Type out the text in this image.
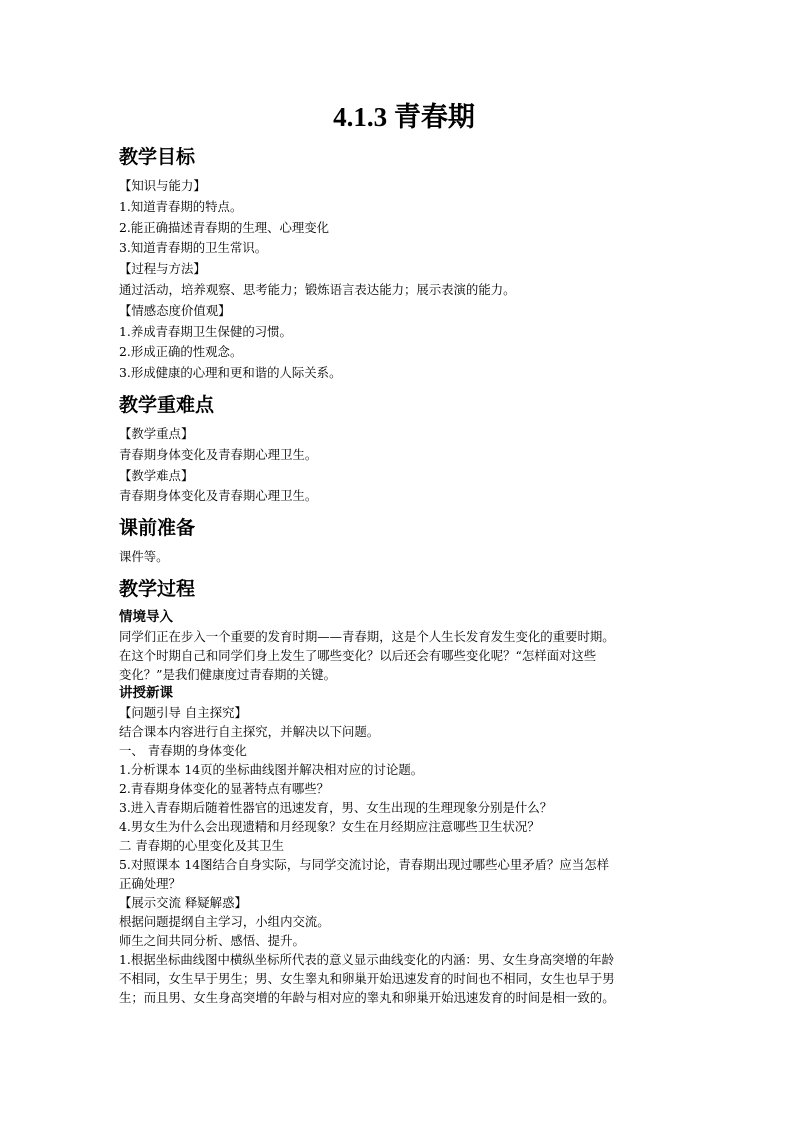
4.1.3 青春期
教学目标
【知识与能力】
1.知道青春期的特点。
2.能正确描述青春期的生理、心理变化
3.知道青春期的卫生常识。
【过程与方法】
通过活动，培养观察、思考能力；锻炼语言表达能力；展示表演的能力。
【情感态度价值观】
1.养成青春期卫生保健的习惯。
2.形成正确的性观念。
3.形成健康的心理和更和谐的人际关系。
教学重难点
【教学重点】
青春期身体变化及青春期心理卫生。
【教学难点】
青春期身体变化及青春期心理卫生。
课前准备
课件等。
教学过程
情境导入
同学们正在步入一个重要的发育时期——青春期，这是个人生长发育发生变化的重要时期。
在这个时期自己和同学们身上发生了哪些变化？以后还会有哪些变化呢？“怎样面对这些
变化？”是我们健康度过青春期的关键。
讲授新课
【问题引导 自主探究】
结合课本内容进行自主探究，并解决以下问题。
一、 青春期的身体变化
1.分析课本 14页的坐标曲线图并解决相对应的讨论题。
2.青春期身体变化的显著特点有哪些？
3.进入青春期后随着性器官的迅速发育，男、女生出现的生理现象分别是什么？
4.男女生为什么会出现遗精和月经现象？女生在月经期应注意哪些卫生状况？
二 青春期的心里变化及其卫生
5.对照课本 14图结合自身实际，与同学交流讨论，青春期出现过哪些心里矛盾？应当怎样
正确处理？
【展示交流 释疑解惑】
根据问题提纲自主学习，小组内交流。
师生之间共同分析、感悟、提升。
1.根据坐标曲线图中横纵坐标所代表的意义显示曲线变化的内涵：男、女生身高突增的年龄
不相同，女生早于男生；男、女生睾丸和卵巢开始迅速发育的时间也不相同，女生也早于男
生；而且男、女生身高突增的年龄与相对应的睾丸和卵巢开始迅速发育的时间是相一致的。
